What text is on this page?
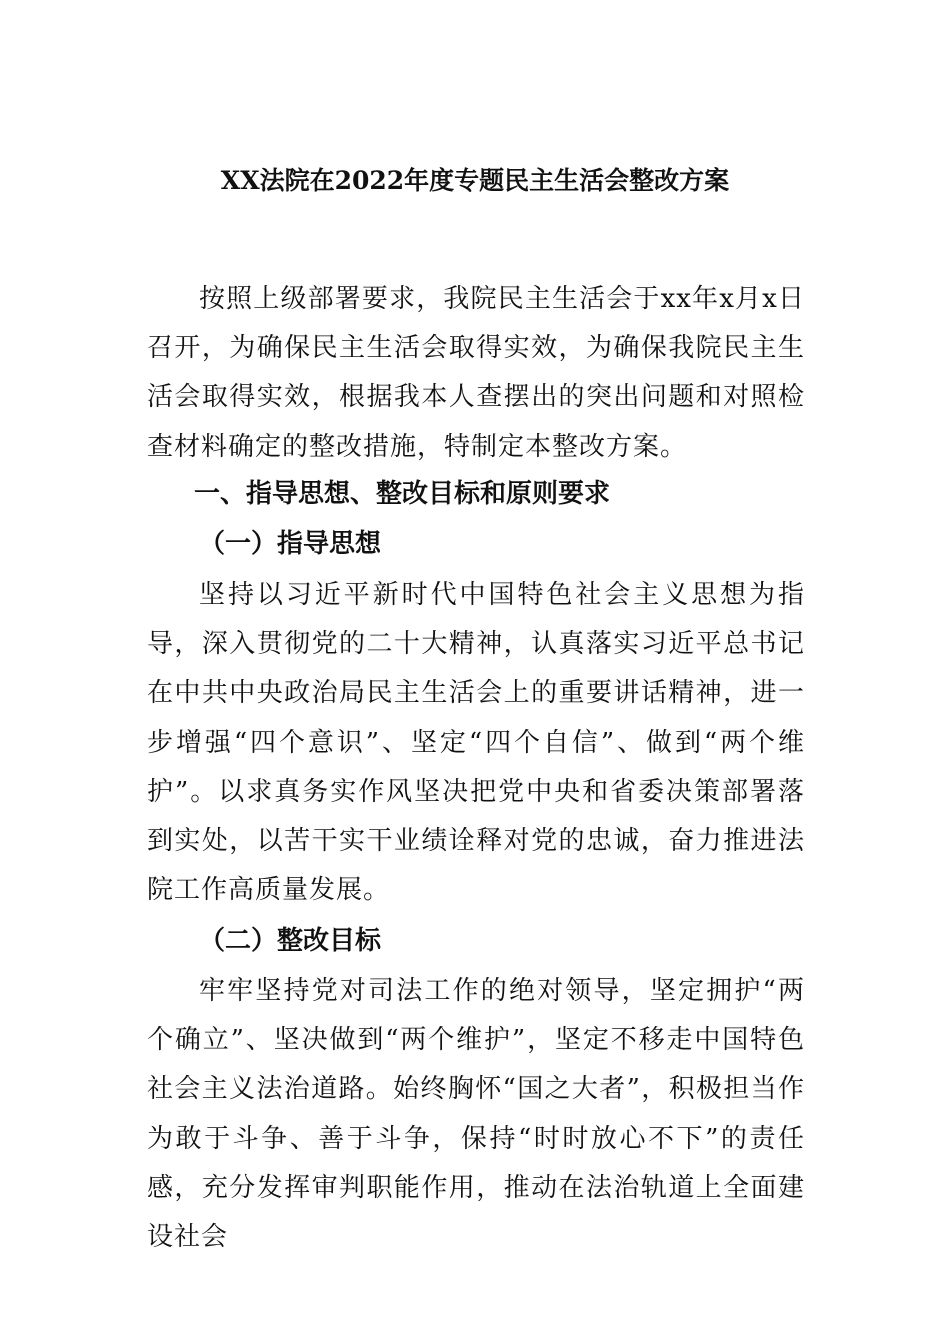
XX法院在2022年度专题民主生活会整改方案

按照上级部署要求，我院民主生活会于xx年x月x日召开，为确保民主生活会取得实效，为确保我院民主生活会取得实效，根据我本人查摆出的突出问题和对照检查材料确定的整改措施，特制定本整改方案。

一、指导思想、整改目标和原则要求
（一）指导思想

坚持以习近平新时代中国特色社会主义思想为指导，深入贯彻党的二十大精神，认真落实习近平总书记在中共中央政治局民主生活会上的重要讲话精神，进一步增强“四个意识”、坚定“四个自信”、做到“两个维护”。以求真务实作风坚决把党中央和省委决策部署落到实处，以苦干实干业绩诠释对党的忠诚，奋力推进法院工作高质量发展。

（二）整改目标

牢牢坚持党对司法工作的绝对领导，坚定拥护“两个确立”、坚决做到“两个维护”，坚定不移走中国特色社会主义法治道路。始终胸怀“国之大者”，积极担当作为敢于斗争、善于斗争，保持“时时放心不下”的责任感，充分发挥审判职能作用，推动在法治轨道上全面建设社会
